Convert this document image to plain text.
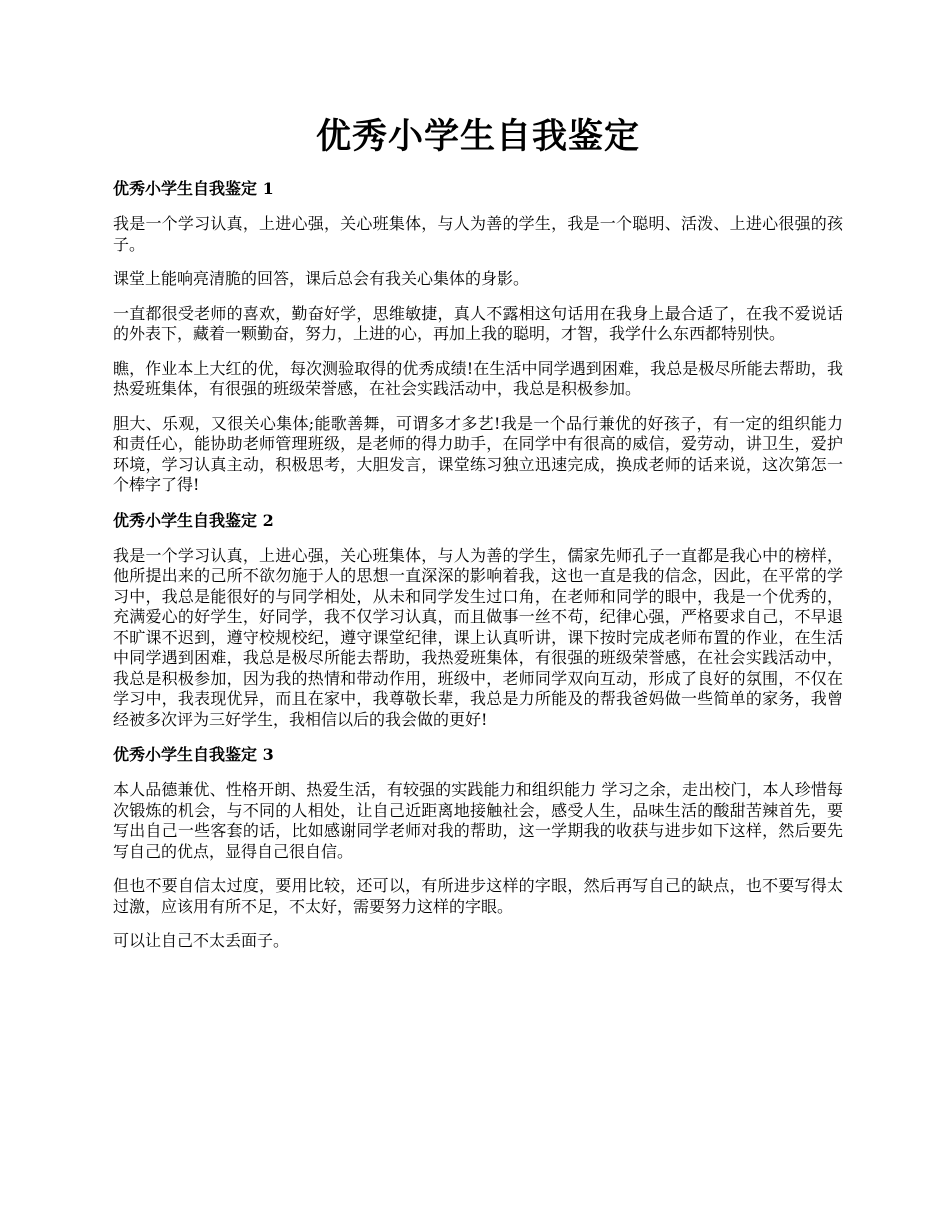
优秀小学生自我鉴定
优秀小学生自我鉴定 1

我是一个学习认真，上进心强，关心班集体，与人为善的学生，我是一个聪明、活泼、上进心很强的孩子。

课堂上能响亮清脆的回答，课后总会有我关心集体的身影。

一直都很受老师的喜欢，勤奋好学，思维敏捷，真人不露相这句话用在我身上最合适了，在我不爱说话的外表下，藏着一颗勤奋，努力，上进的心，再加上我的聪明，才智，我学什么东西都特别快。

瞧，作业本上大红的优，每次测验取得的优秀成绩!在生活中同学遇到困难，我总是极尽所能去帮助，我热爱班集体，有很强的班级荣誉感，在社会实践活动中，我总是积极参加。

胆大、乐观，又很关心集体;能歌善舞，可谓多才多艺!我是一个品行兼优的好孩子，有一定的组织能力和责任心，能协助老师管理班级，是老师的得力助手，在同学中有很高的威信，爱劳动，讲卫生，爱护环境，学习认真主动，积极思考，大胆发言，课堂练习独立迅速完成，换成老师的话来说，这次第怎一个棒字了得!

优秀小学生自我鉴定 2

我是一个学习认真，上进心强，关心班集体，与人为善的学生，儒家先师孔子一直都是我心中的榜样，他所提出来的己所不欲勿施于人的思想一直深深的影响着我，这也一直是我的信念，因此，在平常的学习中，我总是能很好的与同学相处，从未和同学发生过口角，在老师和同学的眼中，我是一个优秀的，充满爱心的好学生，好同学，我不仅学习认真，而且做事一丝不苟，纪律心强，严格要求自己，不早退不旷课不迟到，遵守校规校纪，遵守课堂纪律，课上认真听讲，课下按时完成老师布置的作业，在生活中同学遇到困难，我总是极尽所能去帮助，我热爱班集体，有很强的班级荣誉感，在社会实践活动中，我总是积极参加，因为我的热情和带动作用，班级中，老师同学双向互动，形成了良好的氛围，不仅在学习中，我表现优异，而且在家中，我尊敬长辈，我总是力所能及的帮我爸妈做一些简单的家务，我曾经被多次评为三好学生，我相信以后的我会做的更好!

优秀小学生自我鉴定 3

本人品德兼优、性格开朗、热爱生活，有较强的实践能力和组织能力 学习之余，走出校门，本人珍惜每次锻炼的机会，与不同的人相处，让自己近距离地接触社会，感受人生，品味生活的酸甜苦辣首先，要写出自己一些客套的话，比如感谢同学老师对我的帮助，这一学期我的收获与进步如下这样，然后要先写自己的优点，显得自己很自信。

但也不要自信太过度，要用比较，还可以，有所进步这样的字眼，然后再写自己的缺点，也不要写得太过激，应该用有所不足，不太好，需要努力这样的字眼。

可以让自己不太丢面子。
